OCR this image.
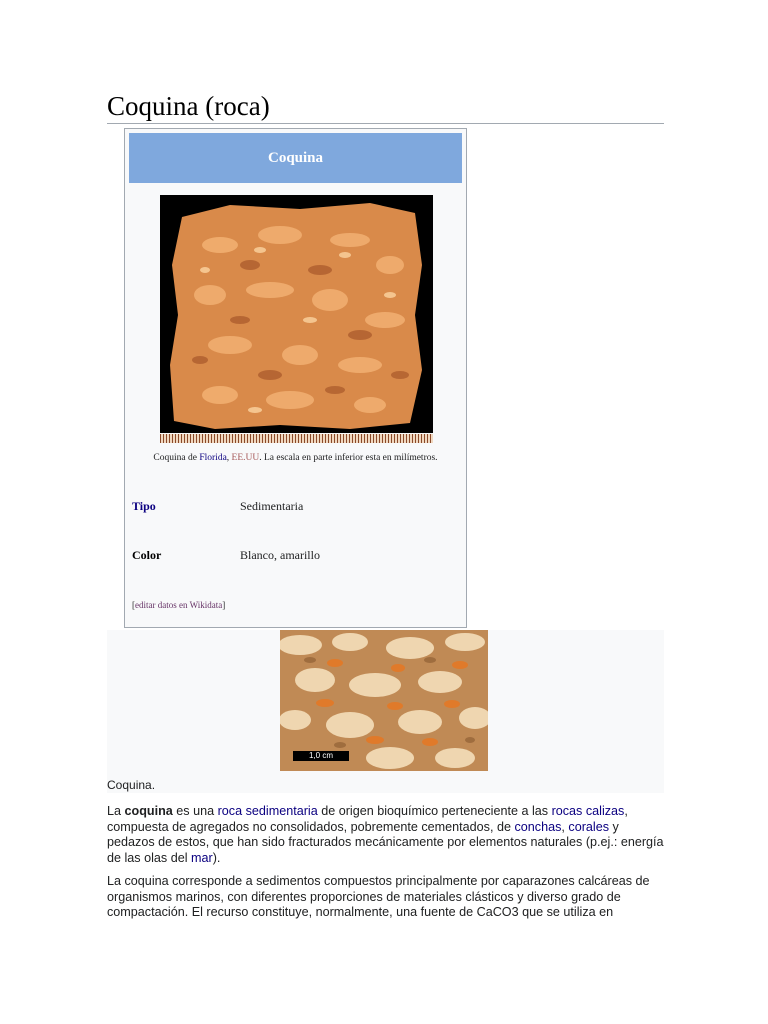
Coquina (roca)
Coquina
Coquina de Florida, EE.UU. La escala en parte inferior esta en milímetros.
Tipo	Sedimentaria
Color	Blanco, amarillo
[editar datos en Wikidata]
1,0 cm
Coquina.

La coquina es una roca sedimentaria de origen bioquímico perteneciente a las rocas calizas, compuesta de agregados no consolidados, pobremente cementados, de conchas, corales y pedazos de estos, que han sido fracturados mecánicamente por elementos naturales (p.ej.: energía de las olas del mar).

La coquina corresponde a sedimentos compuestos principalmente por caparazones calcáreas de organismos marinos, con diferentes proporciones de materiales clásticos y diverso grado de compactación. El recurso constituye, normalmente, una fuente de CaCO3 que se utiliza en
